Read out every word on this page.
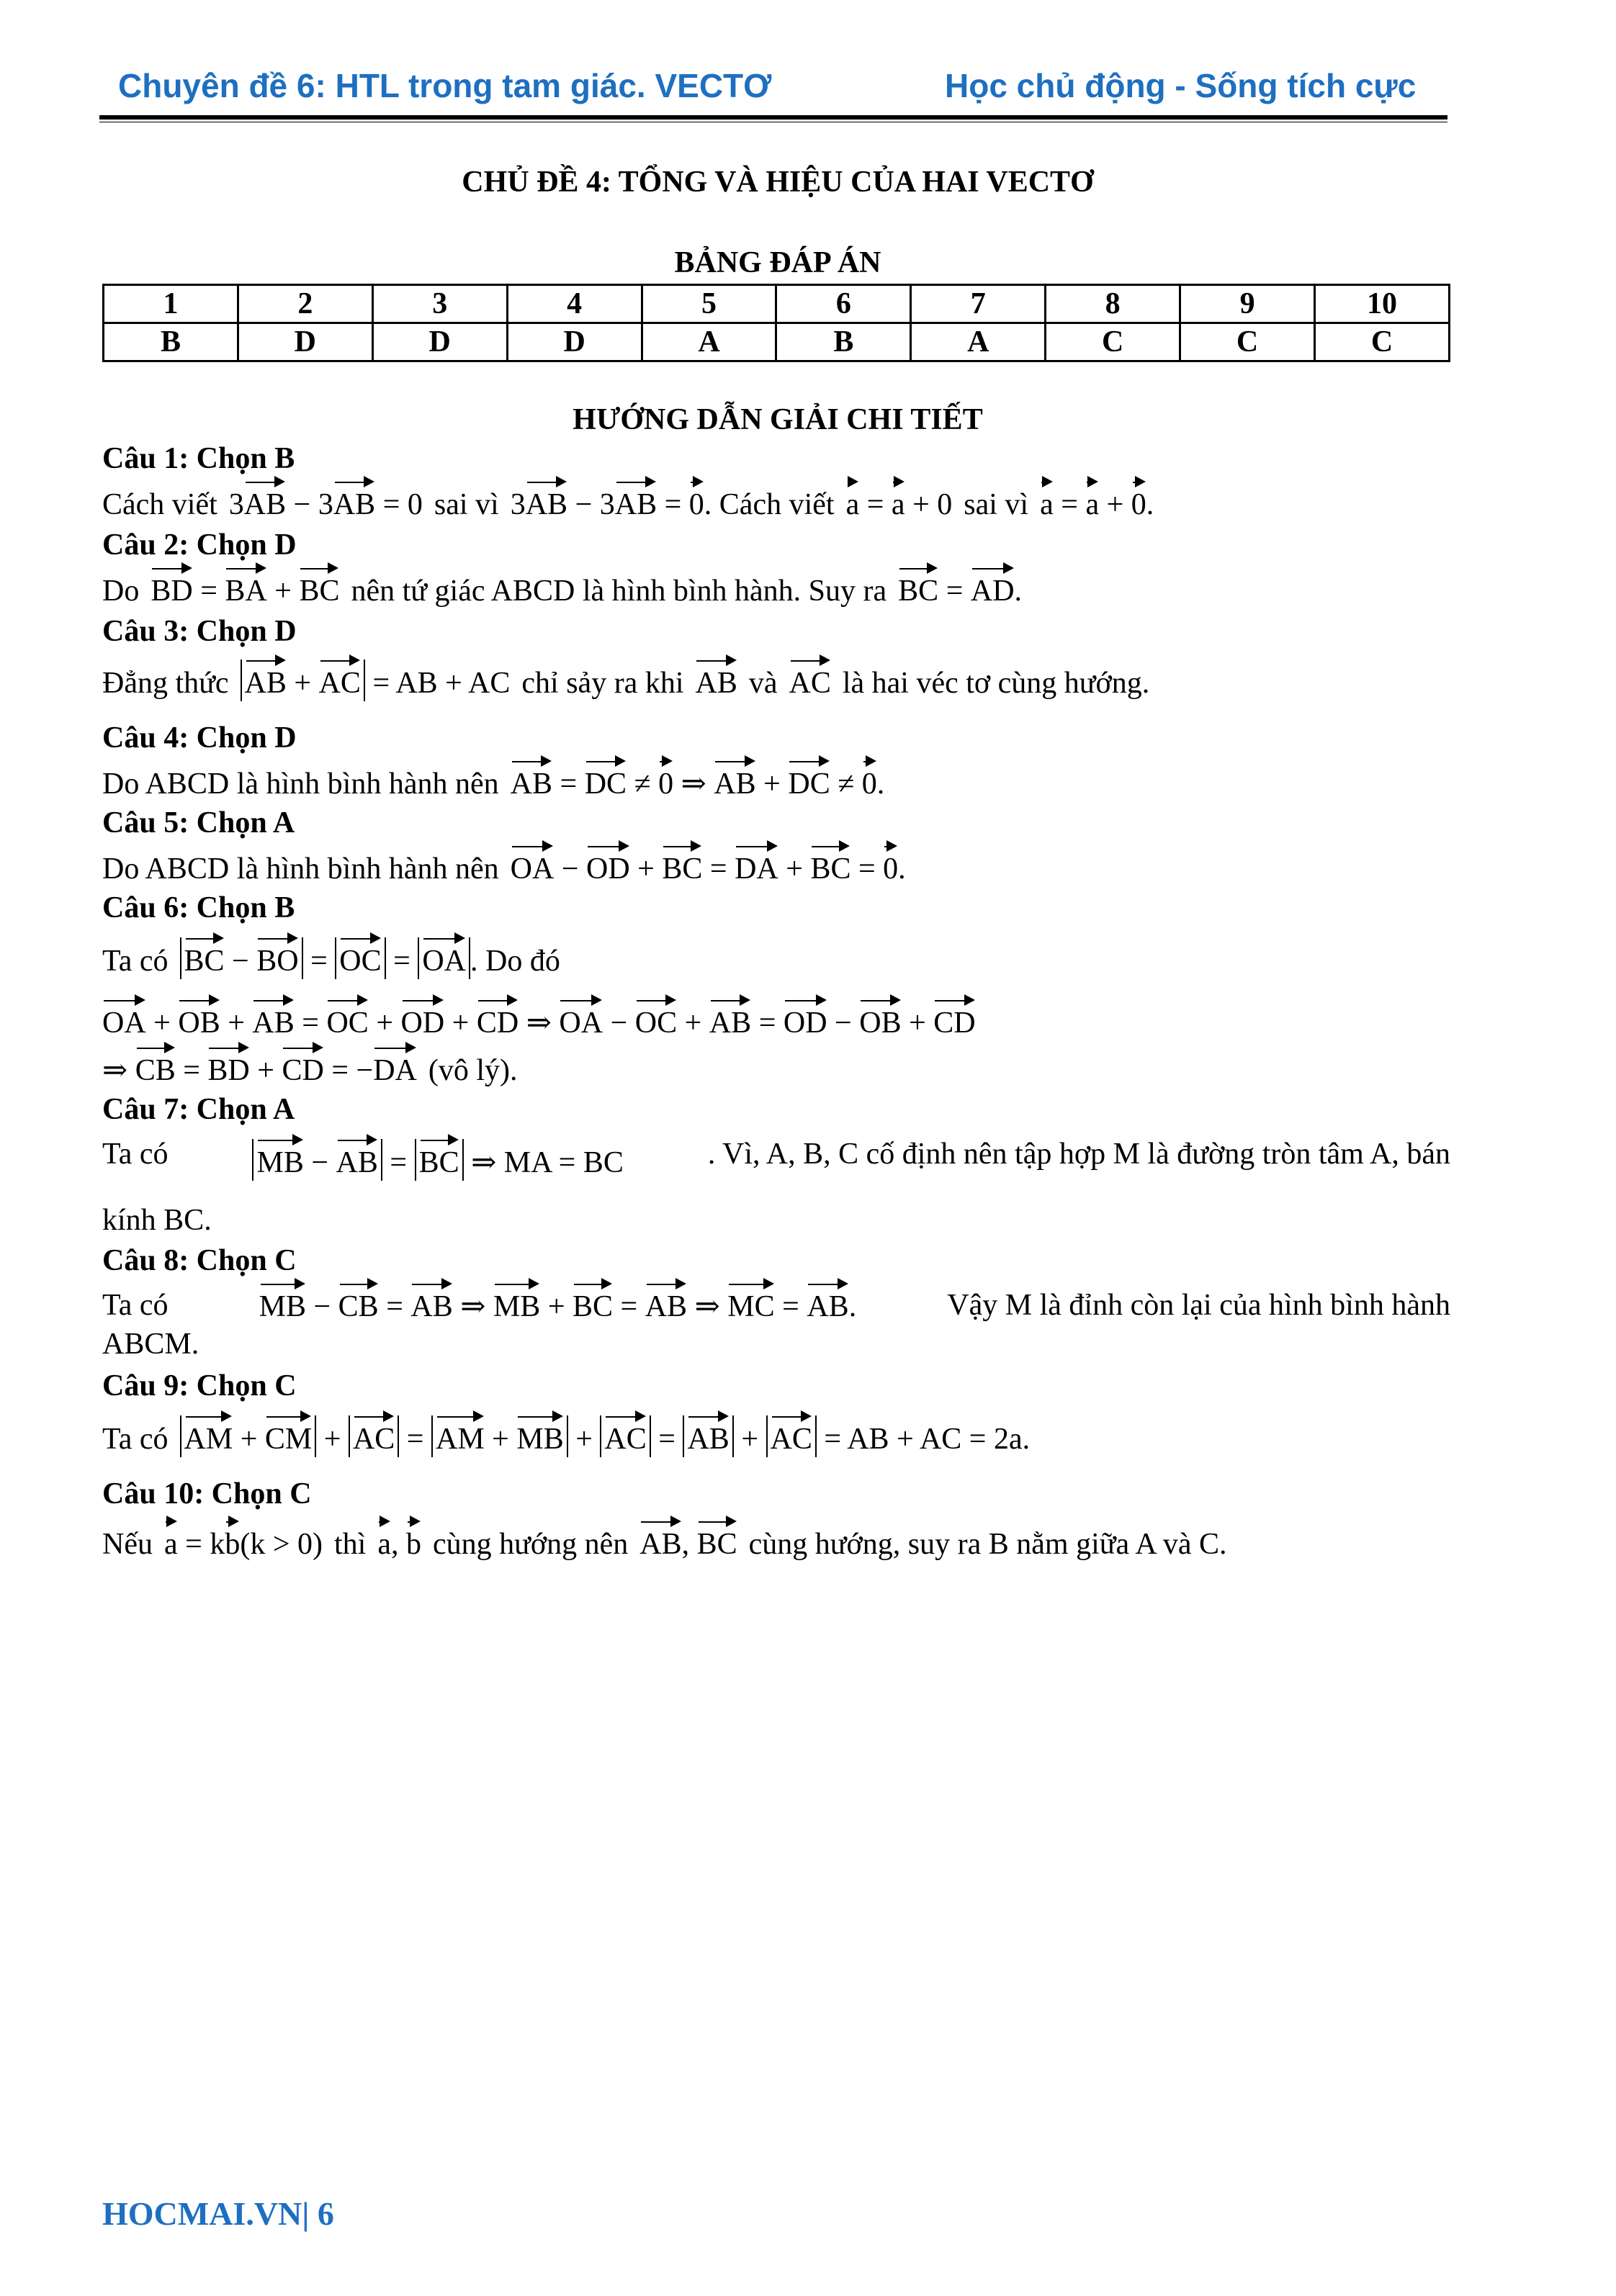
Chuyên đề 6: HTL trong tam giác. VECTƠ	Học chủ động - Sống tích cực
CHỦ ĐỀ 4: TỔNG VÀ HIỆU CỦA HAI VECTƠ
BẢNG ĐÁP ÁN
1	2	3	4	5	6	7	8	9	10
B	D	D	D	A	B	A	C	C	C
HƯỚNG DẪN GIẢI CHI TIẾT
Câu 1: Chọn B
Cách viết 3AB − 3AB = 0 sai vì 3AB − 3AB = 0. Cách viết a = a + 0 sai vì a = a + 0.
Câu 2: Chọn D
Do BD = BA + BC nên tứ giác ABCD là hình bình hành. Suy ra BC = AD.
Câu 3: Chọn D
Đẳng thức AB + AC = AB + AC chỉ sảy ra khi AB và AC là hai véc tơ cùng hướng.
Câu 4: Chọn D
Do ABCD là hình bình hành nên AB = DC ≠ 0 ⇒ AB + DC ≠ 0.
Câu 5: Chọn A
Do ABCD là hình bình hành nên OA − OD + BC = DA + BC = 0.
Câu 6: Chọn B
Ta có BC − BO = OC = OA . Do đó
OA + OB + AB = OC + OD + CD ⇒ OA − OC + AB = OD − OB + CD
⇒ CB = BD + CD = −DA (vô lý).
Câu 7: Chọn A
Ta có	MB − AB = BC ⇒ MA = BC	. Vì, A, B, C cố định nên tập hợp M là đường tròn tâm A, bán
kính BC.
Câu 8: Chọn C
Ta có	MB − CB = AB ⇒ MB + BC = AB ⇒ MC = AB.	Vậy M là đỉnh còn lại của hình bình hành
ABCM.
Câu 9: Chọn C
Ta có AM + CM + AC = AM + MB + AC = AB + AC = AB + AC = 2a.
Câu 10: Chọn C
Nếu a = kb(k > 0) thì a, b cùng hướng nên AB, BC cùng hướng, suy ra B nằm giữa A và C.
HOCMAI.VN| 6
